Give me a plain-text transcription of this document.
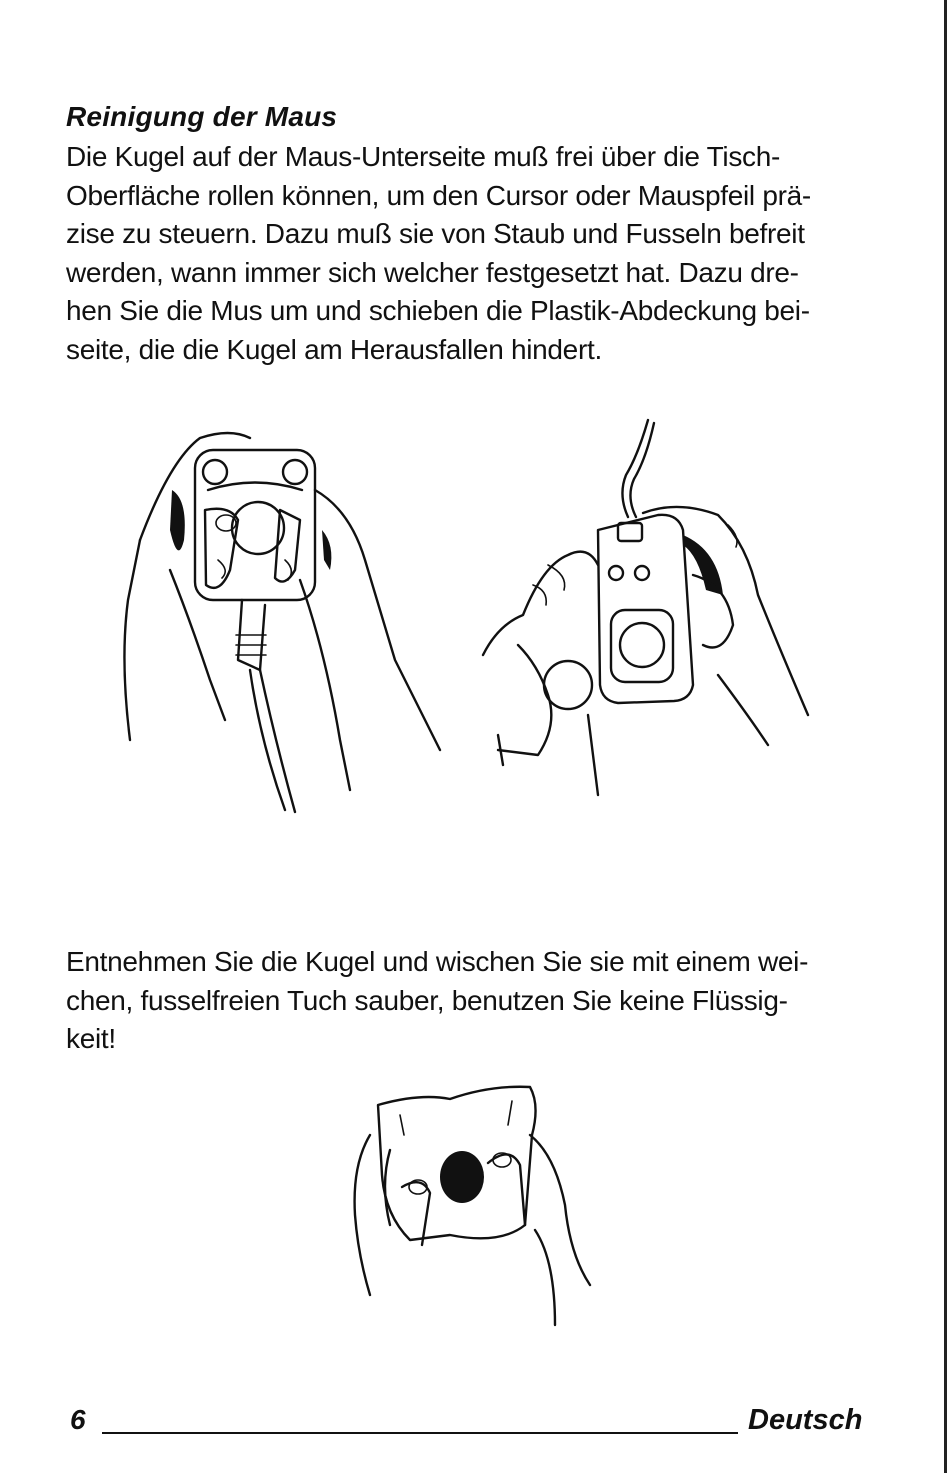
Reinigung der Maus
Die Kugel auf der Maus-Unterseite muß frei über die Tisch-
Oberfläche rollen können, um den Cursor oder Mauspfeil prä-
zise zu steuern. Dazu muß sie von Staub und Fusseln befreit
werden, wann immer sich welcher festgesetzt hat. Dazu dre-
hen Sie die Mus um und schieben die Plastik-Abdeckung bei-
seite, die die Kugel am Herausfallen hindert.
Entnehmen Sie die Kugel und wischen Sie sie mit einem wei-
chen, fusselfreien Tuch sauber, benutzen Sie keine Flüssig-
keit!
6	Deutsch
